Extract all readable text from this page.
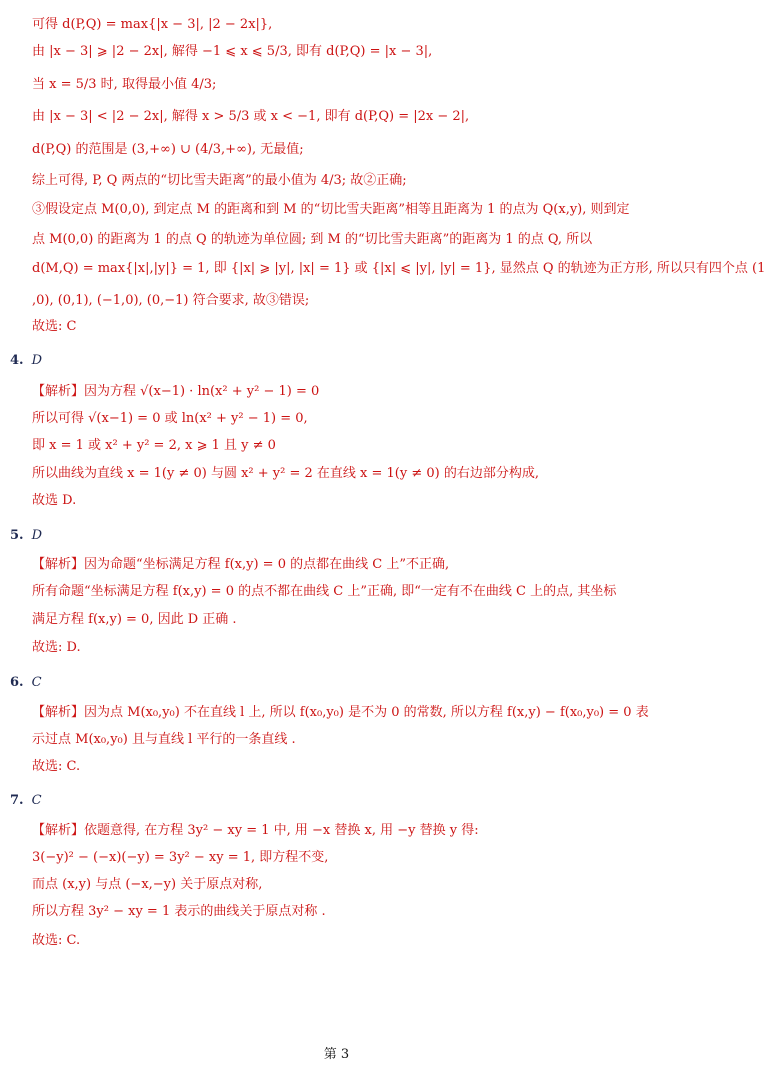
可得 d(P,Q) = max{|x − 3|, |2 − 2x|},
由 |x − 3| ⩾ |2 − 2x|, 解得 −1 ⩽ x ⩽ 5/3, 即有 d(P,Q) = |x − 3|,
当 x = 5/3 时, 取得最小值 4/3;
由 |x − 3| < |2 − 2x|, 解得 x > 5/3 或 x < −1, 即有 d(P,Q) = |2x − 2|,
d(P,Q) 的范围是 (3,+∞) ∪ (4/3,+∞), 无最值;
综上可得, P, Q 两点的“切比雪夫距离”的最小值为 4/3; 故②正确;
③假设定点 M(0,0), 到定点 M 的距离和到 M 的“切比雪夫距离”相等且距离为 1 的点为 Q(x,y), 则到定
点 M(0,0) 的距离为 1 的点 Q 的轨迹为单位圆; 到 M 的“切比雪夫距离”的距离为 1 的点 Q, 所以
d(M,Q) = max{|x|,|y|} = 1, 即 {|x| ⩾ |y|, |x| = 1} 或 {|x| ⩽ |y|, |y| = 1}, 显然点 Q 的轨迹为正方形, 所以只有四个点 (1
,0), (0,1), (−1,0), (0,−1) 符合要求, 故③错误;
故选: C
【解析】因为方程 √(x−1) · ln(x² + y² − 1) = 0
所以可得 √(x−1) = 0 或 ln(x² + y² − 1) = 0,
即 x = 1 或 x² + y² = 2, x ⩾ 1 且 y ≠ 0
所以曲线为直线 x = 1(y ≠ 0) 与圆 x² + y² = 2 在直线 x = 1(y ≠ 0) 的右边部分构成,
故选 D.
【解析】因为命题“坐标满足方程 f(x,y) = 0 的点都在曲线 C 上”不正确,
所有命题“坐标满足方程 f(x,y) = 0 的点不都在曲线 C 上”正确, 即“一定有不在曲线 C 上的点, 其坐标
满足方程 f(x,y) = 0, 因此 D 正确 .
故选: D.
【解析】因为点 M(x₀,y₀) 不在直线 l 上, 所以 f(x₀,y₀) 是不为 0 的常数, 所以方程 f(x,y) − f(x₀,y₀) = 0 表
示过点 M(x₀,y₀) 且与直线 l 平行的一条直线 .
故选: C.
【解析】依题意得, 在方程 3y² − xy = 1 中, 用 −x 替换 x, 用 −y 替换 y 得:
3(−y)² − (−x)(−y) = 3y² − xy = 1, 即方程不变,
而点 (x,y) 与点 (−x,−y) 关于原点对称,
所以方程 3y² − xy = 1 表示的曲线关于原点对称 .
故选: C.
4. D
5. D
6. C
7. C
第 3
